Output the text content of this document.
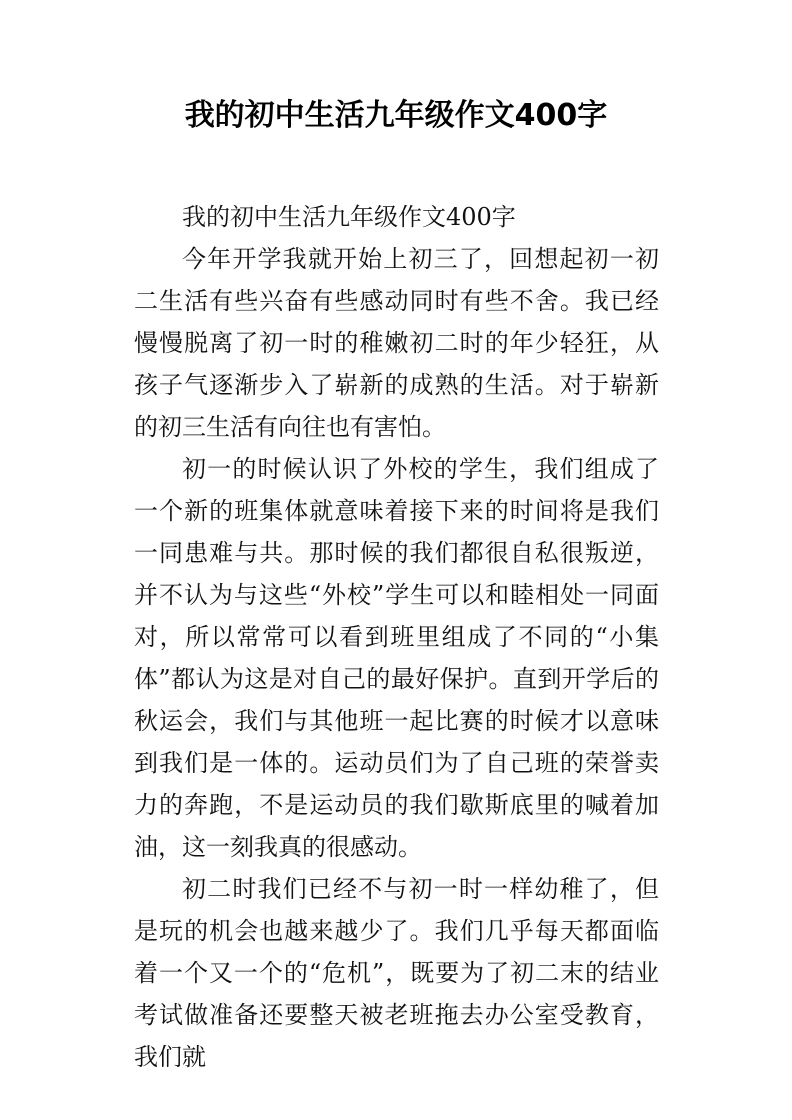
我的初中生活九年级作文400字

我的初中生活九年级作文400字

今年开学我就开始上初三了，回想起初一初二生活有些兴奋有些感动同时有些不舍。我已经慢慢脱离了初一时的稚嫩初二时的年少轻狂，从孩子气逐渐步入了崭新的成熟的生活。对于崭新的初三生活有向往也有害怕。

初一的时候认识了外校的学生，我们组成了一个新的班集体就意味着接下来的时间将是我们一同患难与共。那时候的我们都很自私很叛逆，并不认为与这些“外校”学生可以和睦相处一同面对，所以常常可以看到班里组成了不同的“小集体”都认为这是对自己的最好保护。直到开学后的秋运会，我们与其他班一起比赛的时候才以意味到我们是一体的。运动员们为了自己班的荣誉卖力的奔跑，不是运动员的我们歇斯底里的喊着加油，这一刻我真的很感动。

初二时我们已经不与初一时一样幼稚了，但是玩的机会也越来越少了。我们几乎每天都面临着一个又一个的“危机”，既要为了初二末的结业考试做准备还要整天被老班拖去办公室受教育，我们就
